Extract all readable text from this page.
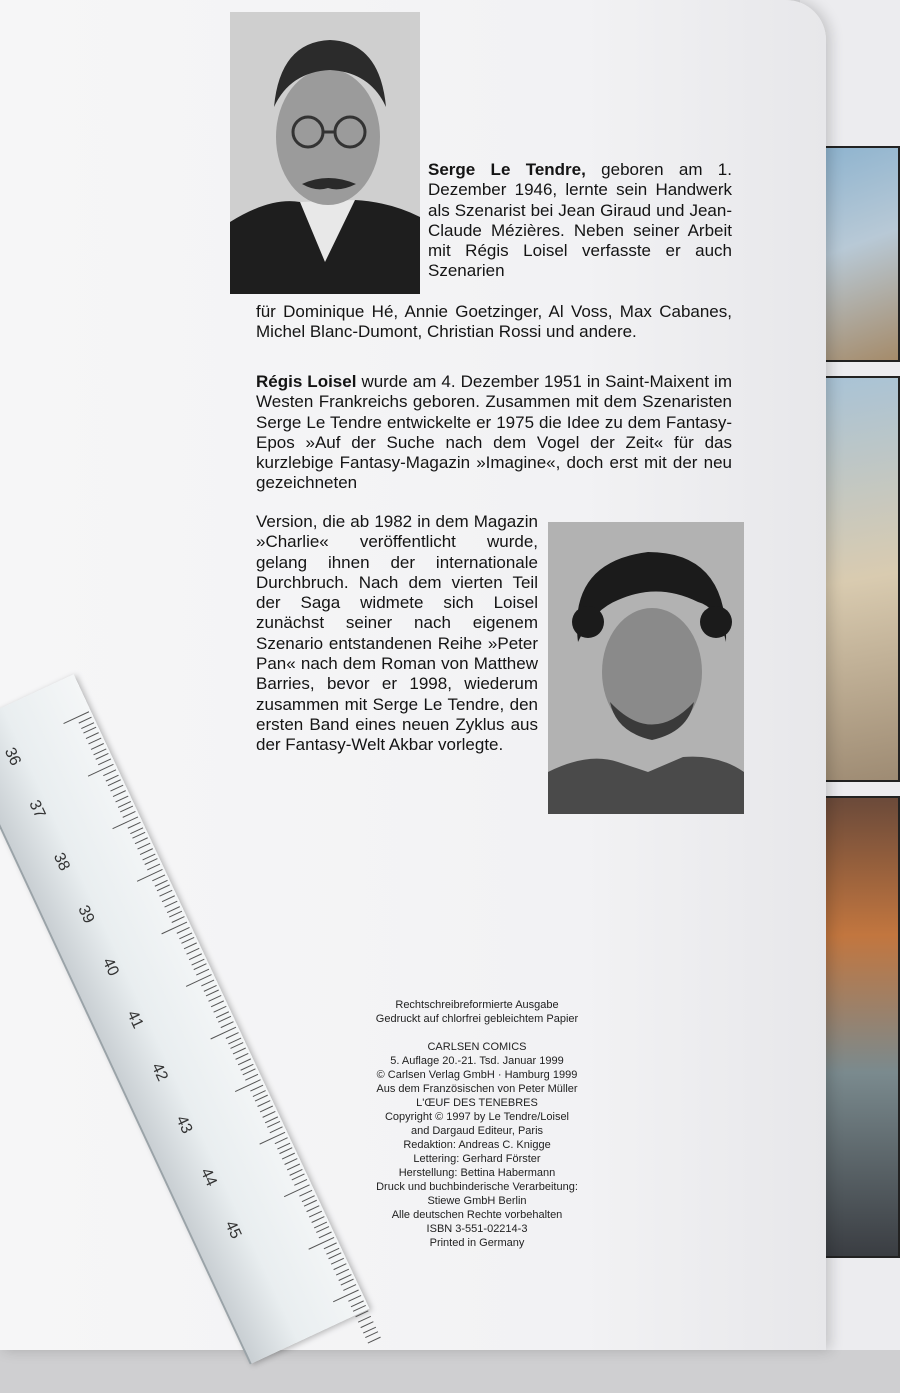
Serge Le Tendre, geboren am 1. Dezember 1946, lernte sein Handwerk als Szenarist bei Jean Giraud und Jean-Claude Mézières. Neben seiner Arbeit mit Régis Loisel verfasste er auch Szenarien

für Dominique Hé, Annie Goetzinger, Al Voss, Max Cabanes, Michel Blanc-Dumont, Christian Rossi und andere.

Régis Loisel wurde am 4. Dezember 1951 in Saint-Maixent im Westen Frankreichs geboren. Zusammen mit dem Szenaristen Serge Le Tendre entwickelte er 1975 die Idee zu dem Fantasy-Epos »Auf der Suche nach dem Vogel der Zeit« für das kurzlebige Fantasy-Magazin »Imagine«, doch erst mit der neu gezeichneten

Version, die ab 1982 in dem Magazin »Charlie« veröffentlicht wurde, gelang ihnen der internationale Durchbruch. Nach dem vierten Teil der Saga widmete sich Loisel zunächst seiner nach eigenem Szenario entstandenen Reihe »Peter Pan« nach dem Roman von Matthew Barries, bevor er 1998, wiederum zusammen mit Serge Le Tendre, den ersten Band eines neuen Zyklus aus der Fantasy-Welt Akbar vorlegte.

Rechtschreibreformierte Ausgabe
Gedruckt auf chlorfrei gebleichtem Papier
CARLSEN COMICS
5. Auflage 20.-21. Tsd. Januar 1999
© Carlsen Verlag GmbH · Hamburg 1999
Aus dem Französischen von Peter Müller
L'ŒUF DES TENEBRES
Copyright © 1997 by Le Tendre/Loisel
and Dargaud Editeur, Paris
Redaktion: Andreas C. Knigge
Lettering: Gerhard Förster
Herstellung: Bettina Habermann
Druck und buchbinderische Verarbeitung:
Stiewe GmbH Berlin
Alle deutschen Rechte vorbehalten
ISBN 3-551-02214-3
Printed in Germany
36
37
38
39
40
41
42
43
44
45
